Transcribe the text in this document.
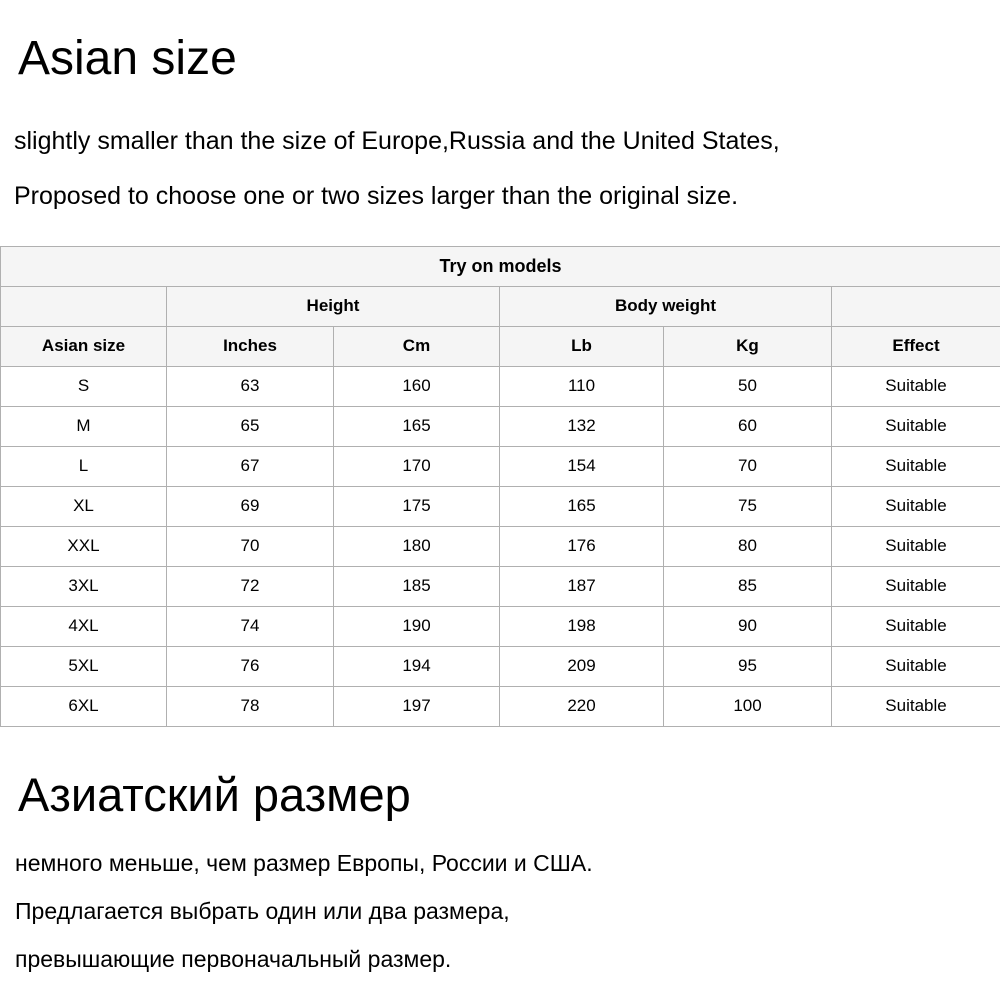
Asian size

slightly smaller than the size of Europe,Russia and the United States,

Proposed to choose one or two sizes larger than the original size.

Try on models					
	Height		Body weight		
Asian size	Inches	Cm	Lb	Kg	Effect
S	63	160	110	50	Suitable
M	65	165	132	60	Suitable
L	67	170	154	70	Suitable
XL	69	175	165	75	Suitable
XXL	70	180	176	80	Suitable
3XL	72	185	187	85	Suitable
4XL	74	190	198	90	Suitable
5XL	76	194	209	95	Suitable
6XL	78	197	220	100	Suitable
Азиатский размер

немного меньше, чем размер Европы, России и США.

Предлагается выбрать один или два размера,

превышающие первоначальный размер.
